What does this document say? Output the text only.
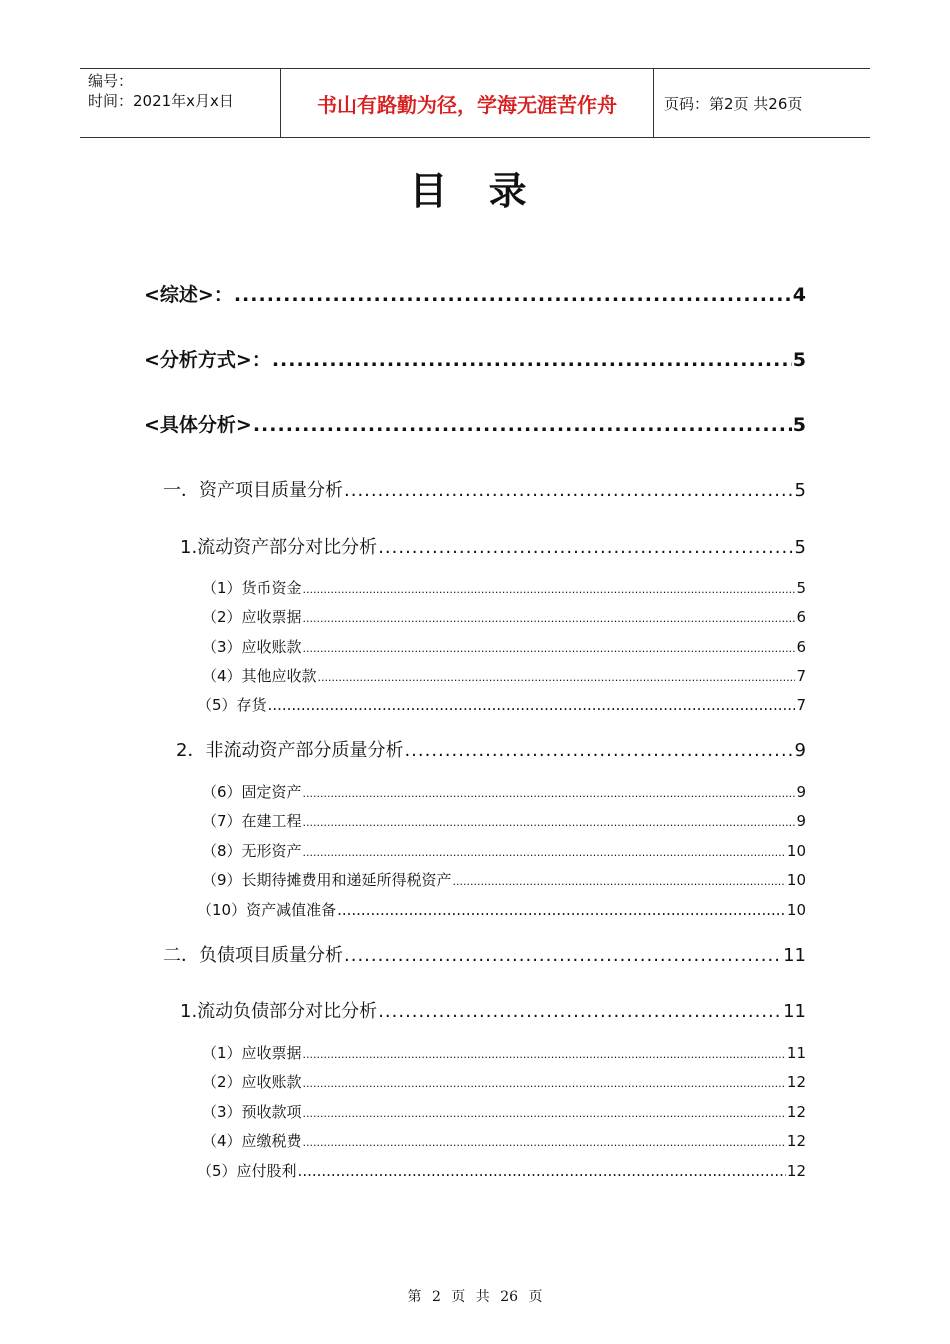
编号：
时间：2021年x月x日	书山有路勤为径，学海无涯苦作舟	页码：第2页 共26页
目 录
<综述>： .....	4
<分析方式>： .....	5
<具体分析> .....	5
一．资产项目质量分析 .....	5
1.流动资产部分对比分析 .....	5
（1）货币资金 .....	5
（2）应收票据 .....	6
（3）应收账款 .....	6
（4）其他应收款 .....	7
（5）存货 .....	7
2．非流动资产部分质量分析 .....	9
（6）固定资产 .....	9
（7）在建工程 .....	9
（8）无形资产 .....	10
（9）长期待摊费用和递延所得税资产 .....	10
（10）资产减值准备 .....	10
二．负债项目质量分析 .....	11
1.流动负债部分对比分析 .....	11
（1）应收票据 .....	11
（2）应收账款 .....	12
（3）预收款项 .....	12
（4）应缴税费 .....	12
（5）应付股利 .....	12
第 2 页 共 26 页
